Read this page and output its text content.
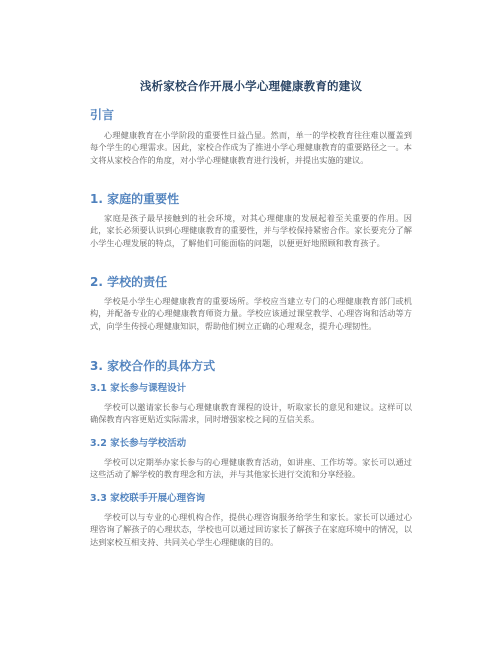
浅析家校合作开展小学心理健康教育的建议
引言
心理健康教育在小学阶段的重要性日益凸显。然而，单一的学校教育往往难以覆盖到每个学生的心理需求。因此，家校合作成为了推进小学心理健康教育的重要路径之一。本文将从家校合作的角度，对小学心理健康教育进行浅析，并提出实施的建议。
1. 家庭的重要性
家庭是孩子最早接触到的社会环境，对其心理健康的发展起着至关重要的作用。因此，家长必须要认识到心理健康教育的重要性，并与学校保持紧密合作。家长要充分了解小学生心理发展的特点，了解他们可能面临的问题，以便更好地照顾和教育孩子。
2. 学校的责任
学校是小学生心理健康教育的重要场所。学校应当建立专门的心理健康教育部门或机构，并配备专业的心理健康教育师资力量。学校应该通过课堂教学、心理咨询和活动等方式，向学生传授心理健康知识，帮助他们树立正确的心理观念，提升心理韧性。
3. 家校合作的具体方式
3.1 家长参与课程设计
学校可以邀请家长参与心理健康教育课程的设计，听取家长的意见和建议。这样可以确保教育内容更贴近实际需求，同时增强家校之间的互信关系。
3.2 家长参与学校活动
学校可以定期举办家长参与的心理健康教育活动，如讲座、工作坊等。家长可以通过这些活动了解学校的教育理念和方法，并与其他家长进行交流和分享经验。
3.3 家校联手开展心理咨询
学校可以与专业的心理机构合作，提供心理咨询服务给学生和家长。家长可以通过心理咨询了解孩子的心理状态，学校也可以通过回访家长了解孩子在家庭环境中的情况，以达到家校互相支持、共同关心学生心理健康的目的。
